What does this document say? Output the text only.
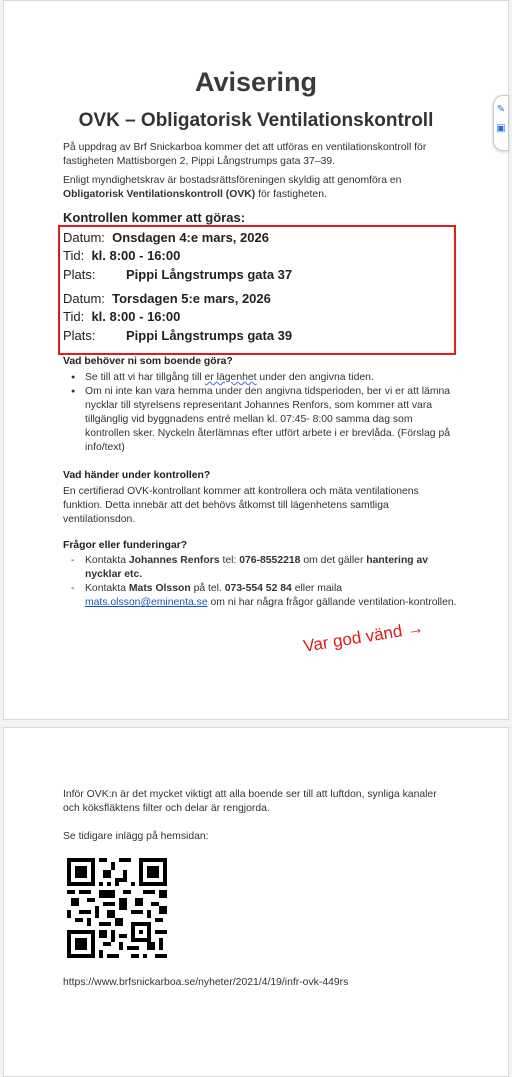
Avisering
OVK – Obligatorisk Ventilationskontroll
På uppdrag av Brf Snickarboa kommer det att utföras en ventilationskontroll för fastigheten Mattisborgen 2, Pippi Långstrumps gata 37–39.
Enligt myndighetskrav är bostadsrättsföreningen skyldig att genomföra en Obligatorisk Ventilationskontroll (OVK) för fastigheten.
Kontrollen kommer att göras:
Datum: Onsdagen 4:e mars, 2026
Tid: kl. 8:00 - 16:00
Plats: Pippi Långstrumps gata 37
Datum: Torsdagen 5:e mars, 2026
Tid: kl. 8:00 - 16:00
Plats: Pippi Långstrumps gata 39
Vad behöver ni som boende göra?
● Se till att vi har tillgång till er lägenhet under den angivna tiden.
● Om ni inte kan vara hemma under den angivna tidsperioden, ber vi er att lämna nycklar till styrelsens representant Johannes Renfors, som kommer att vara tillgänglig vid byggnadens entré mellan kl. 07:45- 8:00 samma dag som kontrollen sker. Nyckeln återlämnas efter utfört arbete i er brevlåda. (Förslag på info/text)
Vad händer under kontrollen?
En certifierad OVK-kontrollant kommer att kontrollera och mäta ventilationens funktion. Detta innebär att det behövs åtkomst till lägenhetens samtliga ventilationsdon.
Frågor eller funderingar?
- Kontakta Johannes Renfors tel: 076-8552218 om det gäller hantering av nycklar etc.
- Kontakta Mats Olsson på tel. 073-554 52 84 eller maila mats.olsson@eminenta.se om ni har några frågor gällande ventilation-kontrollen.
Var god vänd →
✎
▣
Inför OVK:n är det mycket viktigt att alla boende ser till att luftdon, synliga kanaler och köksfläktens filter och delar är rengjorda.
Se tidigare inlägg på hemsidan:
https://www.brfsnickarboa.se/nyheter/2021/4/19/infr-ovk-449rs
